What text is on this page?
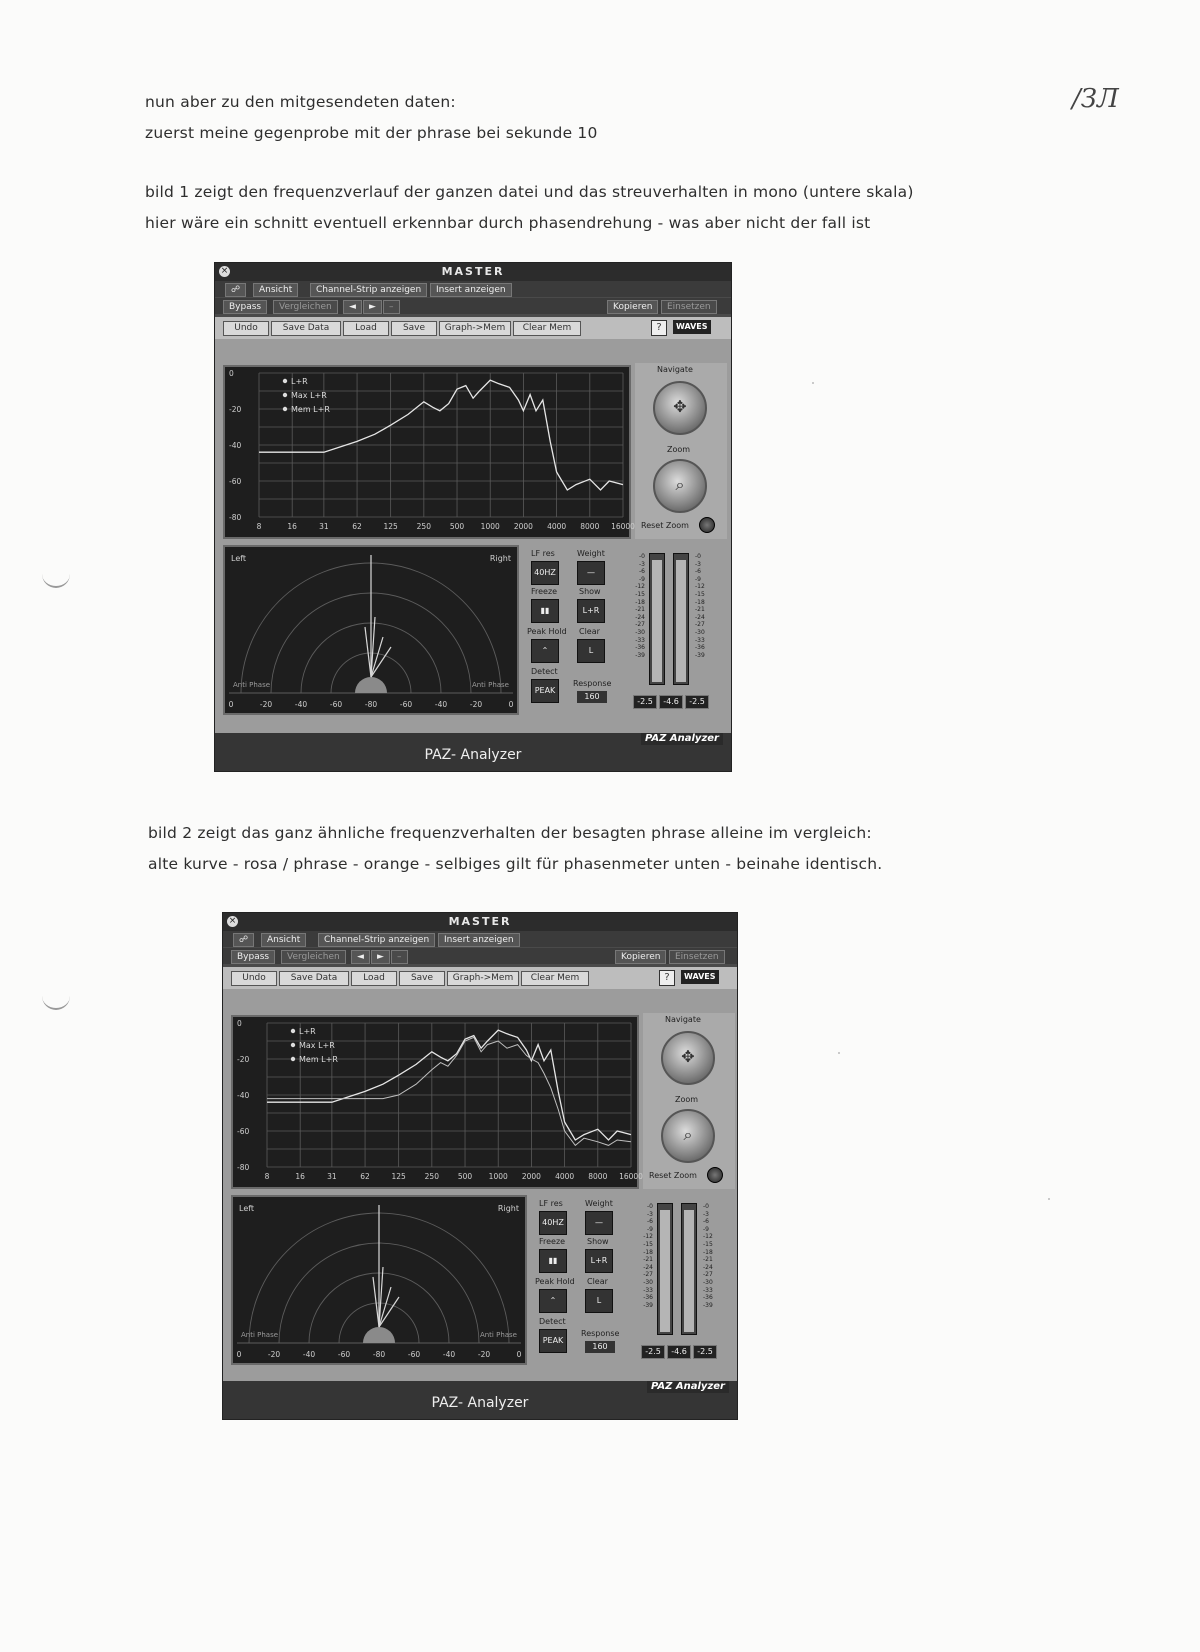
/ЗЛ
nun aber zu den mitgesendeten daten:
zuerst meine gegenprobe mit der phrase bei sekunde 10
bild 1 zeigt den frequenzverlauf der ganzen datei und das streuverhalten in mono (untere skala)
hier wäre ein schnitt eventuell erkennbar durch phasendrehung - was aber nicht der fall ist
bild 2 zeigt das ganz ähnliche frequenzverhalten der besagten phrase alleine im vergleich:
alte kurve - rosa / phrase - orange - selbiges gilt für phasenmeter unten - beinahe identisch.
×	MASTER
☍	Ansicht	Channel-Strip anzeigen	Insert anzeigen
Bypass	Vergleichen	◄	►	–	Kopieren	Einsetzen
Undo	Save Data	Load	Save	Graph->Mem	Clear Mem	?	WAVES
8	16	31	62	125	250	500 1000 2000 4000 8000 16000
0
-20
-40
-60
-80
L+R
Max L+R
Mem L+R
Navigate
✥
Zoom
⌕
Reset Zoom
Left	Right
Anti Phase	Anti Phase
0	-20	-40	-60	-80	-60	-40	-20	0
LF res
40HZ
Weight
—
Freeze
▮▮
Show
L+R
Peak Hold
⌃
Clear
L
Detect
PEAK
Response
160
-0
-3
-6
-9
-12
-15
-18
-21
-24
-27
-30
-33
-36
-39
-0
-3
-6
-9
-12
-15
-18
-21
-24
-27
-30
-33
-36
-39
-2.5	-4.6	-2.5
PAZ Analyzer
PAZ- Analyzer
×	MASTER
☍	Ansicht	Channel-Strip anzeigen	Insert anzeigen
Bypass	Vergleichen	◄	►	–	Kopieren	Einsetzen
Undo	Save Data	Load	Save	Graph->Mem	Clear Mem	?	WAVES
8	16	31	62	125	250	500 1000 2000 4000 8000 16000
0
-20
-40
-60
-80
L+R
Max L+R
Mem L+R
Navigate
✥
Zoom
⌕
Reset Zoom
Left	Right
Anti Phase	Anti Phase
0	-20	-40	-60	-80	-60	-40	-20	0
LF res
40HZ
Weight
—
Freeze
▮▮
Show
L+R
Peak Hold
⌃
Clear
L
Detect
PEAK
Response
160
-0
-3
-6
-9
-12
-15
-18
-21
-24
-27
-30
-33
-36
-39
-0
-3
-6
-9
-12
-15
-18
-21
-24
-27
-30
-33
-36
-39
-2.5	-4.6	-2.5
PAZ Analyzer
PAZ- Analyzer
